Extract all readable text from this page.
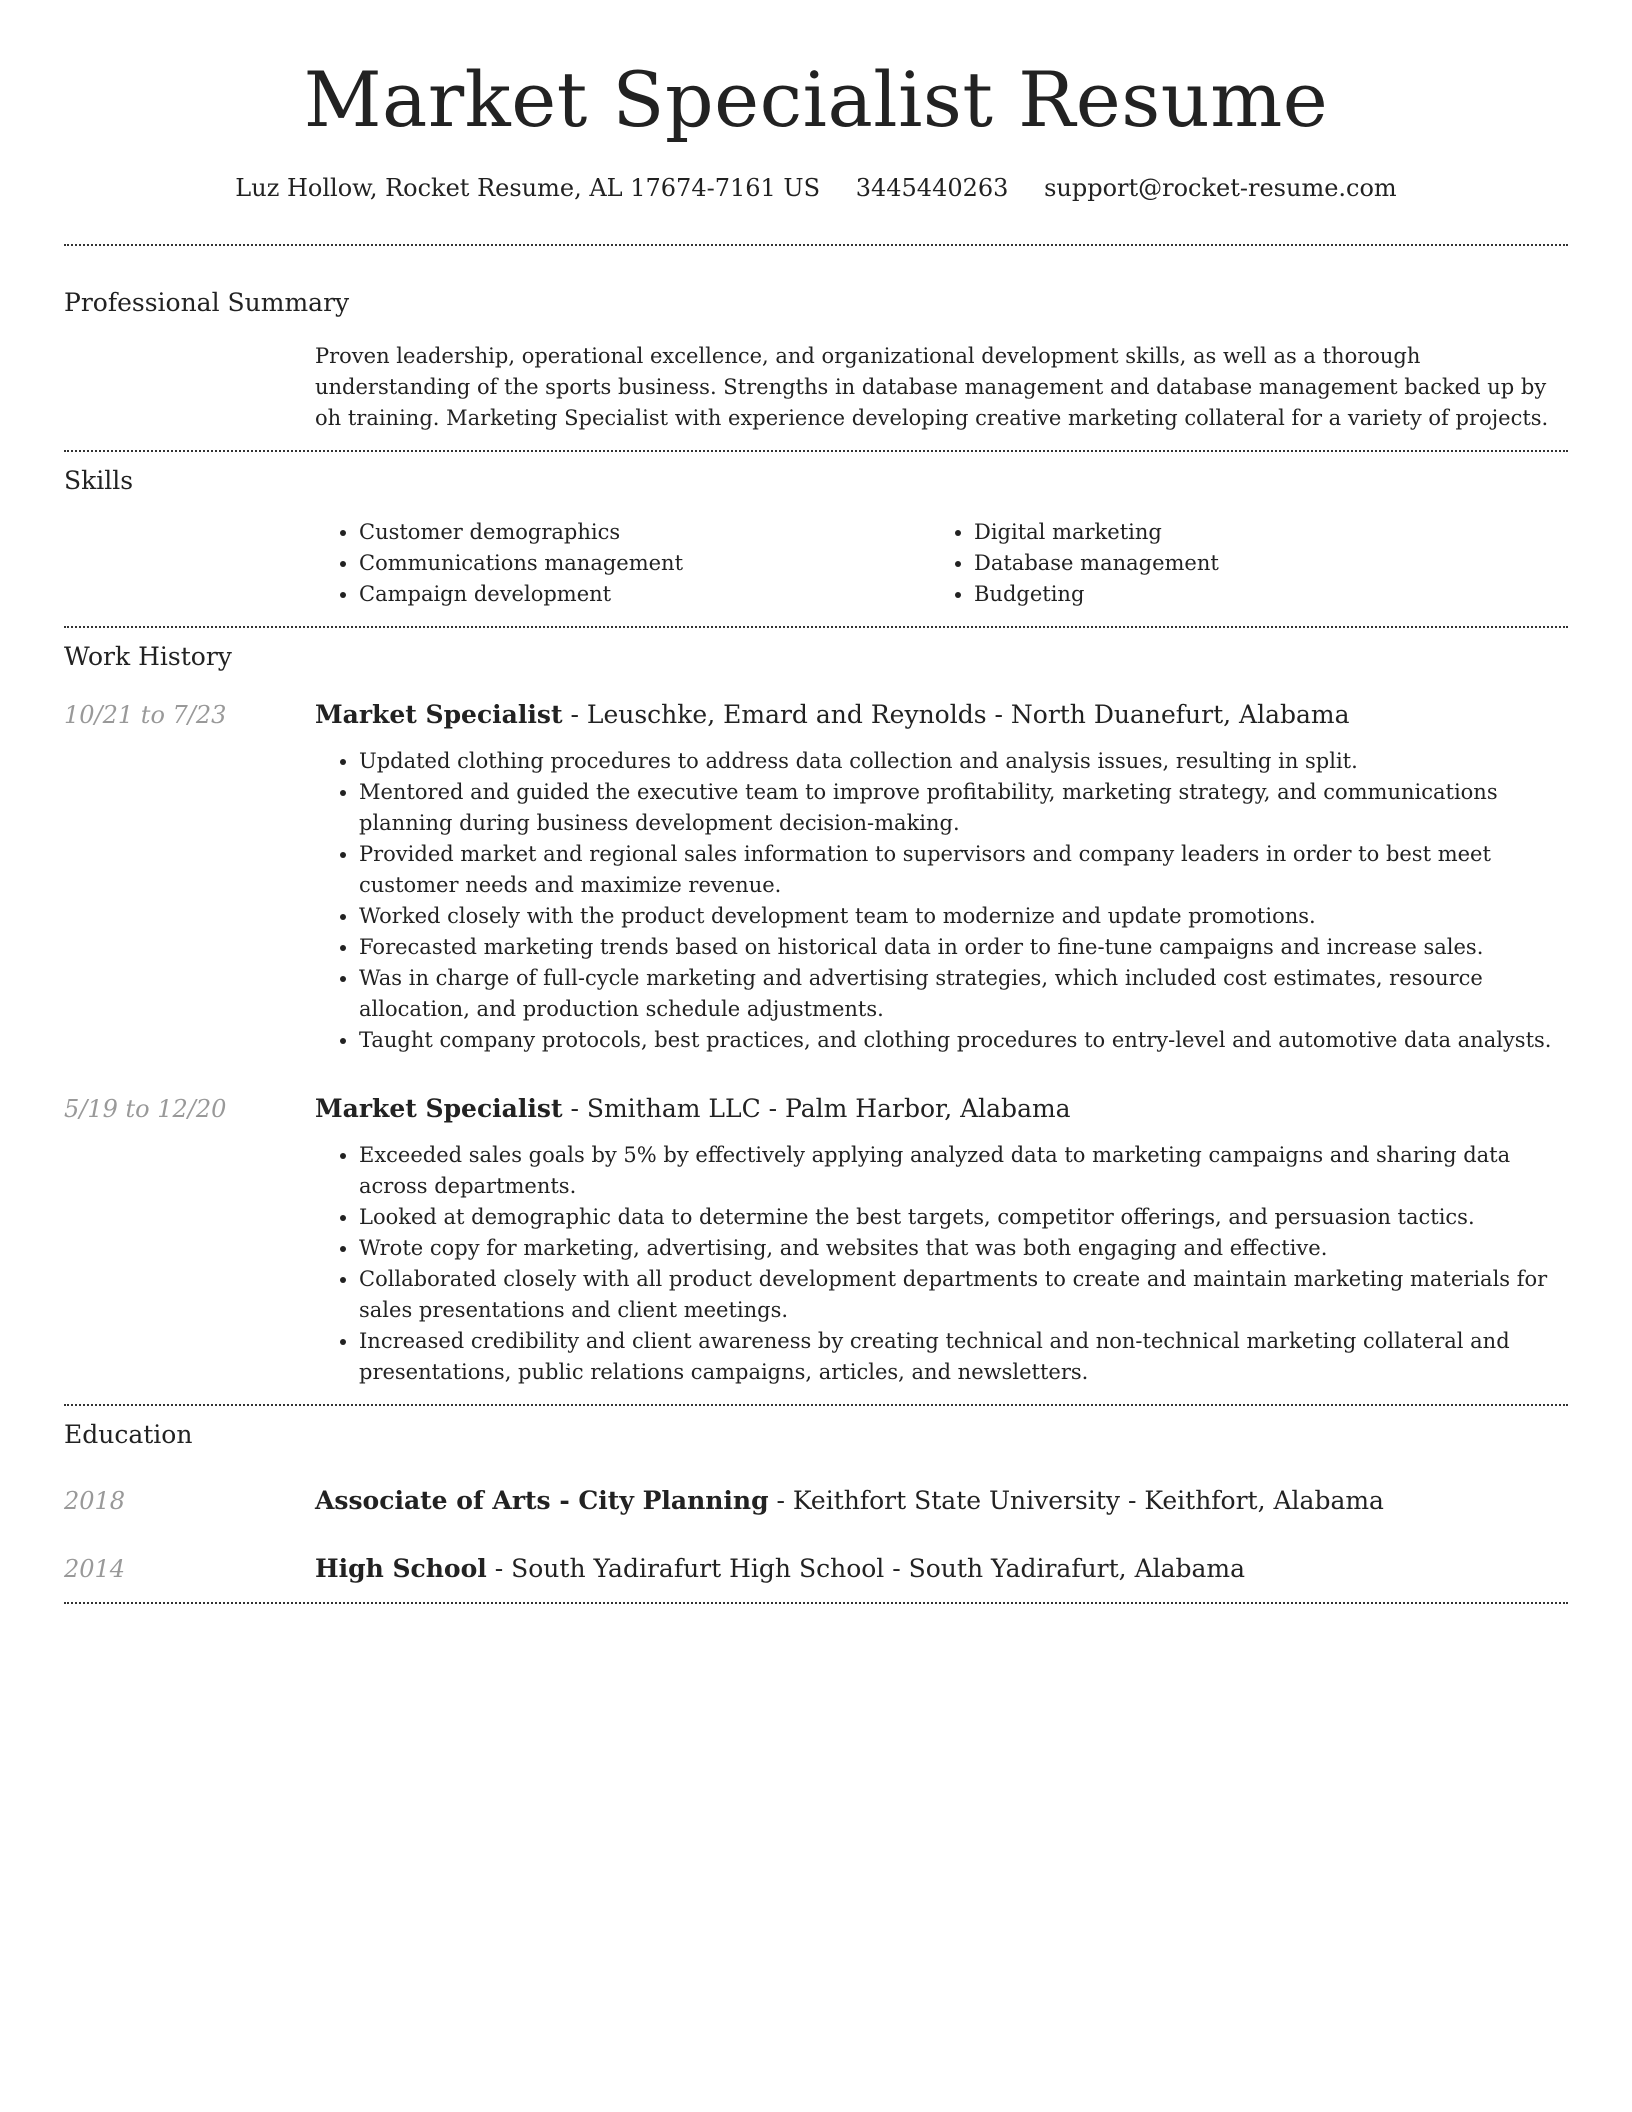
Market Specialist Resume
Luz Hollow, Rocket Resume, AL 17674-7161 US 3445440263 support@rocket-resume.com
Professional Summary
Proven leadership, operational excellence, and organizational development skills, as well as a thorough understanding of the sports business. Strengths in database management and database management backed up by oh training. Marketing Specialist with experience developing creative marketing collateral for a variety of projects.
Skills
• Customer demographics
• Communications management
• Campaign development
• Digital marketing
• Database management
• Budgeting
Work History
10/21 to 7/23	Market Specialist - Leuschke, Emard and Reynolds - North Duanefurt, Alabama
• Updated clothing procedures to address data collection and analysis issues, resulting in split.
• Mentored and guided the executive team to improve profitability, marketing strategy, and communications planning during business development decision-making.
• Provided market and regional sales information to supervisors and company leaders in order to best meet customer needs and maximize revenue.
• Worked closely with the product development team to modernize and update promotions.
• Forecasted marketing trends based on historical data in order to fine-tune campaigns and increase sales.
• Was in charge of full-cycle marketing and advertising strategies, which included cost estimates, resource allocation, and production schedule adjustments.
• Taught company protocols, best practices, and clothing procedures to entry-level and automotive data analysts.
5/19 to 12/20	Market Specialist - Smitham LLC - Palm Harbor, Alabama
• Exceeded sales goals by 5% by effectively applying analyzed data to marketing campaigns and sharing data across departments.
• Looked at demographic data to determine the best targets, competitor offerings, and persuasion tactics.
• Wrote copy for marketing, advertising, and websites that was both engaging and effective.
• Collaborated closely with all product development departments to create and maintain marketing materials for sales presentations and client meetings.
• Increased credibility and client awareness by creating technical and non-technical marketing collateral and presentations, public relations campaigns, articles, and newsletters.
Education
2018	Associate of Arts - City Planning - Keithfort State University - Keithfort, Alabama
2014	High School - South Yadirafurt High School - South Yadirafurt, Alabama
